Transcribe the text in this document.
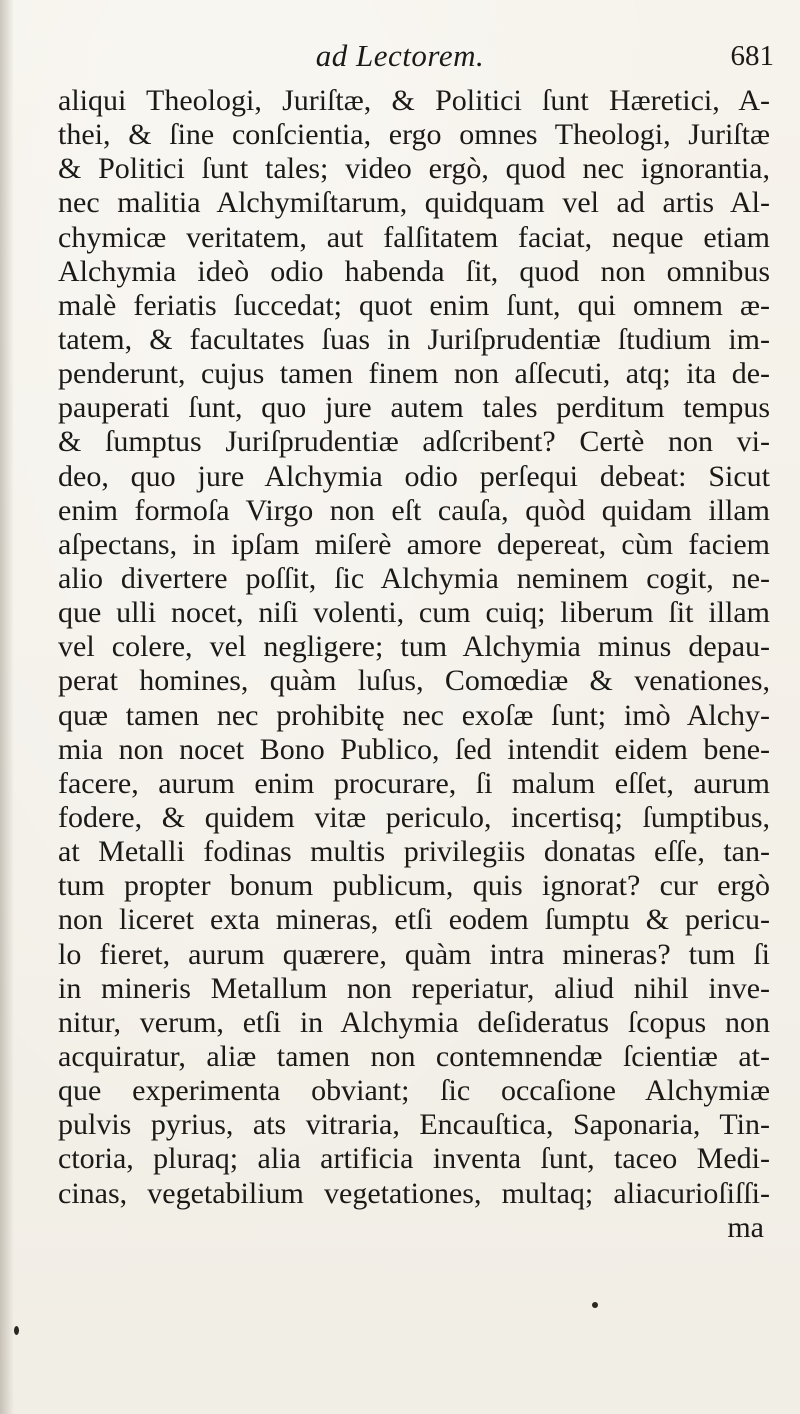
ad Lectorem.	681
aliqui Theologi, Juriſtæ, & Politici ſunt Hæretici, A-
thei, & ſine conſcientia, ergo omnes Theologi, Juriſtæ
& Politici ſunt tales; video ergò, quod nec ignorantia,
nec malitia Alchymiſtarum, quidquam vel ad artis Al-
chymicæ veritatem, aut falſitatem faciat, neque etiam
Alchymia ideò odio habenda ſit, quod non omnibus
malè feriatis ſuccedat; quot enim ſunt, qui omnem æ-
tatem, & facultates ſuas in Juriſprudentiæ ſtudium im-
penderunt, cujus tamen finem non aſſecuti, atq; ita de-
pauperati ſunt, quo jure autem tales perditum tempus
& ſumptus Juriſprudentiæ adſcribent? Certè non vi-
deo, quo jure Alchymia odio perſequi debeat: Sicut
enim formoſa Virgo non eſt cauſa, quòd quidam illam
aſpectans, in ipſam miſerè amore depereat, cùm faciem
alio divertere poſſit, ſic Alchymia neminem cogit, ne-
que ulli nocet, niſi volenti, cum cuiq; liberum ſit illam
vel colere, vel negligere; tum Alchymia minus depau-
perat homines, quàm luſus, Comœdiæ & venationes,
quæ tamen nec prohibitę nec exoſæ ſunt; imò Alchy-
mia non nocet Bono Publico, ſed intendit eidem bene-
facere, aurum enim procurare, ſi malum eſſet, aurum
fodere, & quidem vitæ periculo, incertisq; ſumptibus,
at Metalli fodinas multis privilegiis donatas eſſe, tan-
tum propter bonum publicum, quis ignorat? cur ergò
non liceret exta mineras, etſi eodem ſumptu & pericu-
lo fieret, aurum quærere, quàm intra mineras? tum ſi
in mineris Metallum non reperiatur, aliud nihil inve-
nitur, verum, etſi in Alchymia deſideratus ſcopus non
acquiratur, aliæ tamen non contemnendæ ſcientiæ at-
que experimenta obviant; ſic occaſione Alchymiæ
pulvis pyrius, ats vitraria, Encauſtica, Saponaria, Tin-
ctoria, pluraq; alia artificia inventa ſunt, taceo Medi-
cinas, vegetabilium vegetationes, multaq; aliacurioſiſſi-
ma
